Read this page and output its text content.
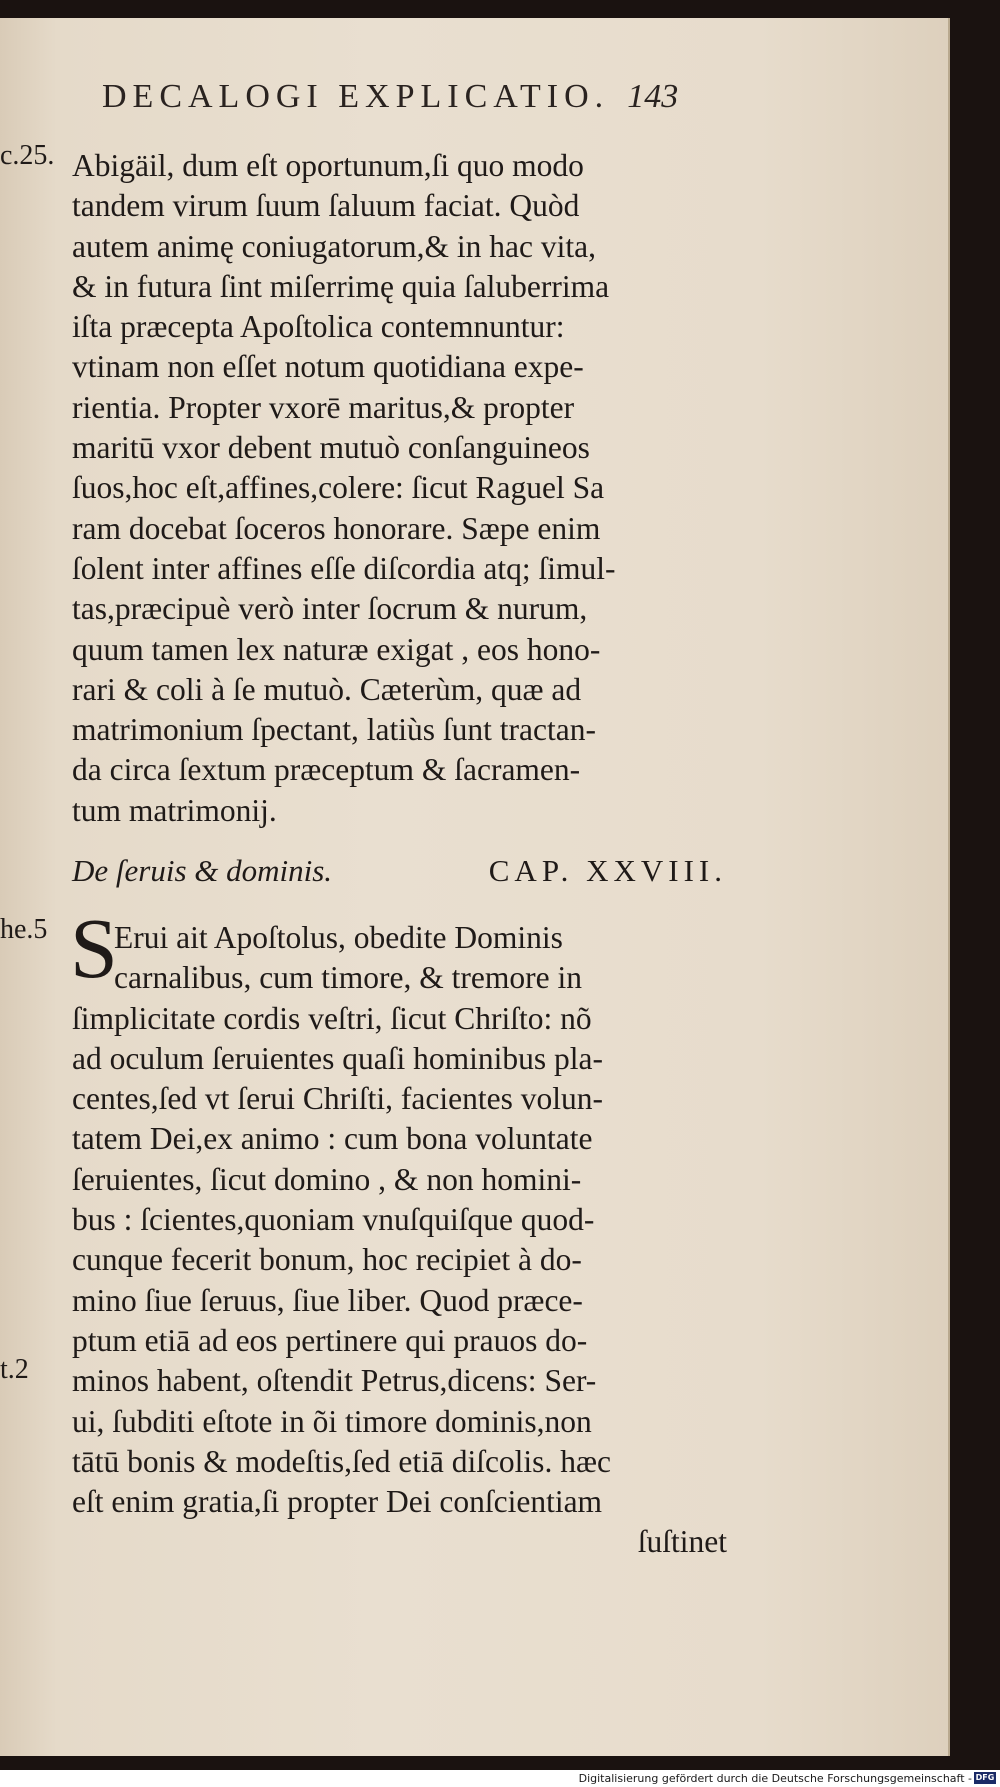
DECALOGI EXPLICATIO. 143
c.25.
he.5
t.2
Abigäil, dum eſt oportunum,ſi quo modo
tandem virum ſuum ſaluum faciat. Quòd
autem animę coniugatorum,& in hac vita,
& in futura ſint miſerrimę quia ſaluberrima
iſta præcepta Apoſtolica contemnuntur:
vtinam non eſſet notum quotidiana expe-
rientia. Propter vxorē maritus,& propter
maritū vxor debent mutuò conſanguineos
ſuos,hoc eſt,affines,colere: ſicut Raguel Sa
ram docebat ſoceros honorare. Sæpe enim
ſolent inter affines eſſe diſcordia atq; ſimul-
tas,præcipuè verò inter ſocrum & nurum,
quum tamen lex naturæ exigat , eos hono-
rari & coli à ſe mutuò. Cæterùm, quæ ad
matrimonium ſpectant, latiùs ſunt tractan-
da circa ſextum præceptum & ſacramen-
tum matrimonij.
De ſeruis & dominis.	CAP. XXVIII.
S
Erui ait Apoſtolus, obedite Dominis
carnalibus, cum timore, & tremore in
ſimplicitate cordis veſtri, ſicut Chriſto: nõ
ad oculum ſeruientes quaſi hominibus pla-
centes,ſed vt ſerui Chriſti, facientes volun-
tatem Dei,ex animo : cum bona voluntate
ſeruientes, ſicut domino , & non homini-
bus : ſcientes,quoniam vnuſquiſque quod-
cunque fecerit bonum, hoc recipiet à do-
mino ſiue ſeruus, ſiue liber. Quod præce-
ptum etiā ad eos pertinere qui prauos do-
minos habent, oſtendit Petrus,dicens: Ser-
ui, ſubditi eſtote in õi timore dominis,non
tātū bonis & modeſtis,ſed etiā diſcolis. hæc
eſt enim gratia,ſi propter Dei conſcientiam
ſuſtinet
Digitalisierung gefördert durch die Deutsche Forschungsgemeinschaft - DFG
